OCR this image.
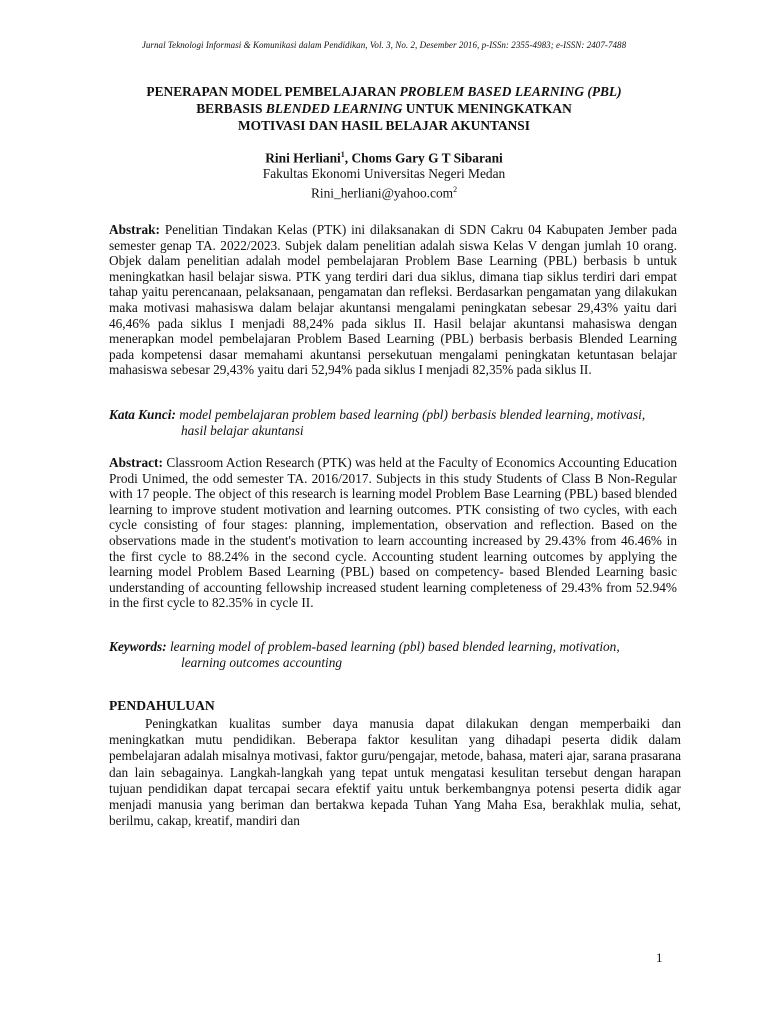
Jurnal Teknologi Informasi & Komunikasi dalam Pendidikan, Vol. 3, No. 2, Desember 2016, p-ISSn: 2355-4983; e-ISSN: 2407-7488
PENERAPAN MODEL PEMBELAJARAN PROBLEM BASED LEARNING (PBL)
BERBASIS BLENDED LEARNING UNTUK MENINGKATKAN
MOTIVASI DAN HASIL BELAJAR AKUNTANSI
Rini Herliani$^1$, Choms Gary G T Sibarani
Fakultas Ekonomi Universitas Negeri Medan
Rini_herliani@yahoo.com$^2$
Abstrak: Penelitian Tindakan Kelas (PTK) ini dilaksanakan di SDN Cakru 04 Kabupaten Jember pada semester genap TA. 2022/2023. Subjek dalam penelitian adalah siswa Kelas V dengan jumlah 10 orang. Objek dalam penelitian adalah model pembelajaran Problem Base Learning (PBL) berbasis b untuk meningkatkan hasil belajar siswa. PTK yang terdiri dari dua siklus, dimana tiap siklus terdiri dari empat tahap yaitu perencanaan, pelaksanaan, pengamatan dan refleksi. Berdasarkan pengamatan yang dilakukan maka motivasi mahasiswa dalam belajar akuntansi mengalami peningkatan sebesar 29,43% yaitu dari 46,46% pada siklus I menjadi 88,24% pada siklus II. Hasil belajar akuntansi mahasiswa dengan menerapkan model pembelajaran Problem Based Learning (PBL) berbasis berbasis Blended Learning pada kompetensi dasar memahami akuntansi persekutuan mengalami peningkatan ketuntasan belajar mahasiswa sebesar 29,43% yaitu dari 52,94% pada siklus I menjadi 82,35% pada siklus II.
Kata Kunci: model pembelajaran problem based learning (pbl) berbasis blended learning, motivasi,
hasil belajar akuntansi
Abstract: Classroom Action Research (PTK) was held at the Faculty of Economics Accounting Education Prodi Unimed, the odd semester TA. 2016/2017. Subjects in this study Students of Class B Non-Regular with 17 people. The object of this research is learning model Problem Base Learning (PBL) based blended learning to improve student motivation and learning outcomes. PTK consisting of two cycles, with each cycle consisting of four stages: planning, implementation, observation and reflection. Based on the observations made in the student's motivation to learn accounting increased by 29.43% from 46.46% in the first cycle to 88.24% in the second cycle. Accounting student learning outcomes by applying the learning model Problem Based Learning (PBL) based on competency- based Blended Learning basic understanding of accounting fellowship increased student learning completeness of 29.43% from 52.94% in the first cycle to 82.35% in cycle II.
Keywords: learning model of problem-based learning (pbl) based blended learning, motivation,
learning outcomes accounting
PENDAHULUAN
Peningkatkan kualitas sumber daya manusia dapat dilakukan dengan memperbaiki dan meningkatkan mutu pendidikan. Beberapa faktor kesulitan yang dihadapi peserta didik dalam pembelajaran adalah misalnya motivasi, faktor guru/pengajar, metode, bahasa, materi ajar, sarana prasarana dan lain sebagainya. Langkah-langkah yang tepat untuk mengatasi kesulitan tersebut dengan harapan tujuan pendidikan dapat tercapai secara efektif yaitu untuk berkembangnya potensi peserta didik agar menjadi manusia yang beriman dan bertakwa kepada Tuhan Yang Maha Esa, berakhlak mulia, sehat, berilmu, cakap, kreatif, mandiri dan
1
